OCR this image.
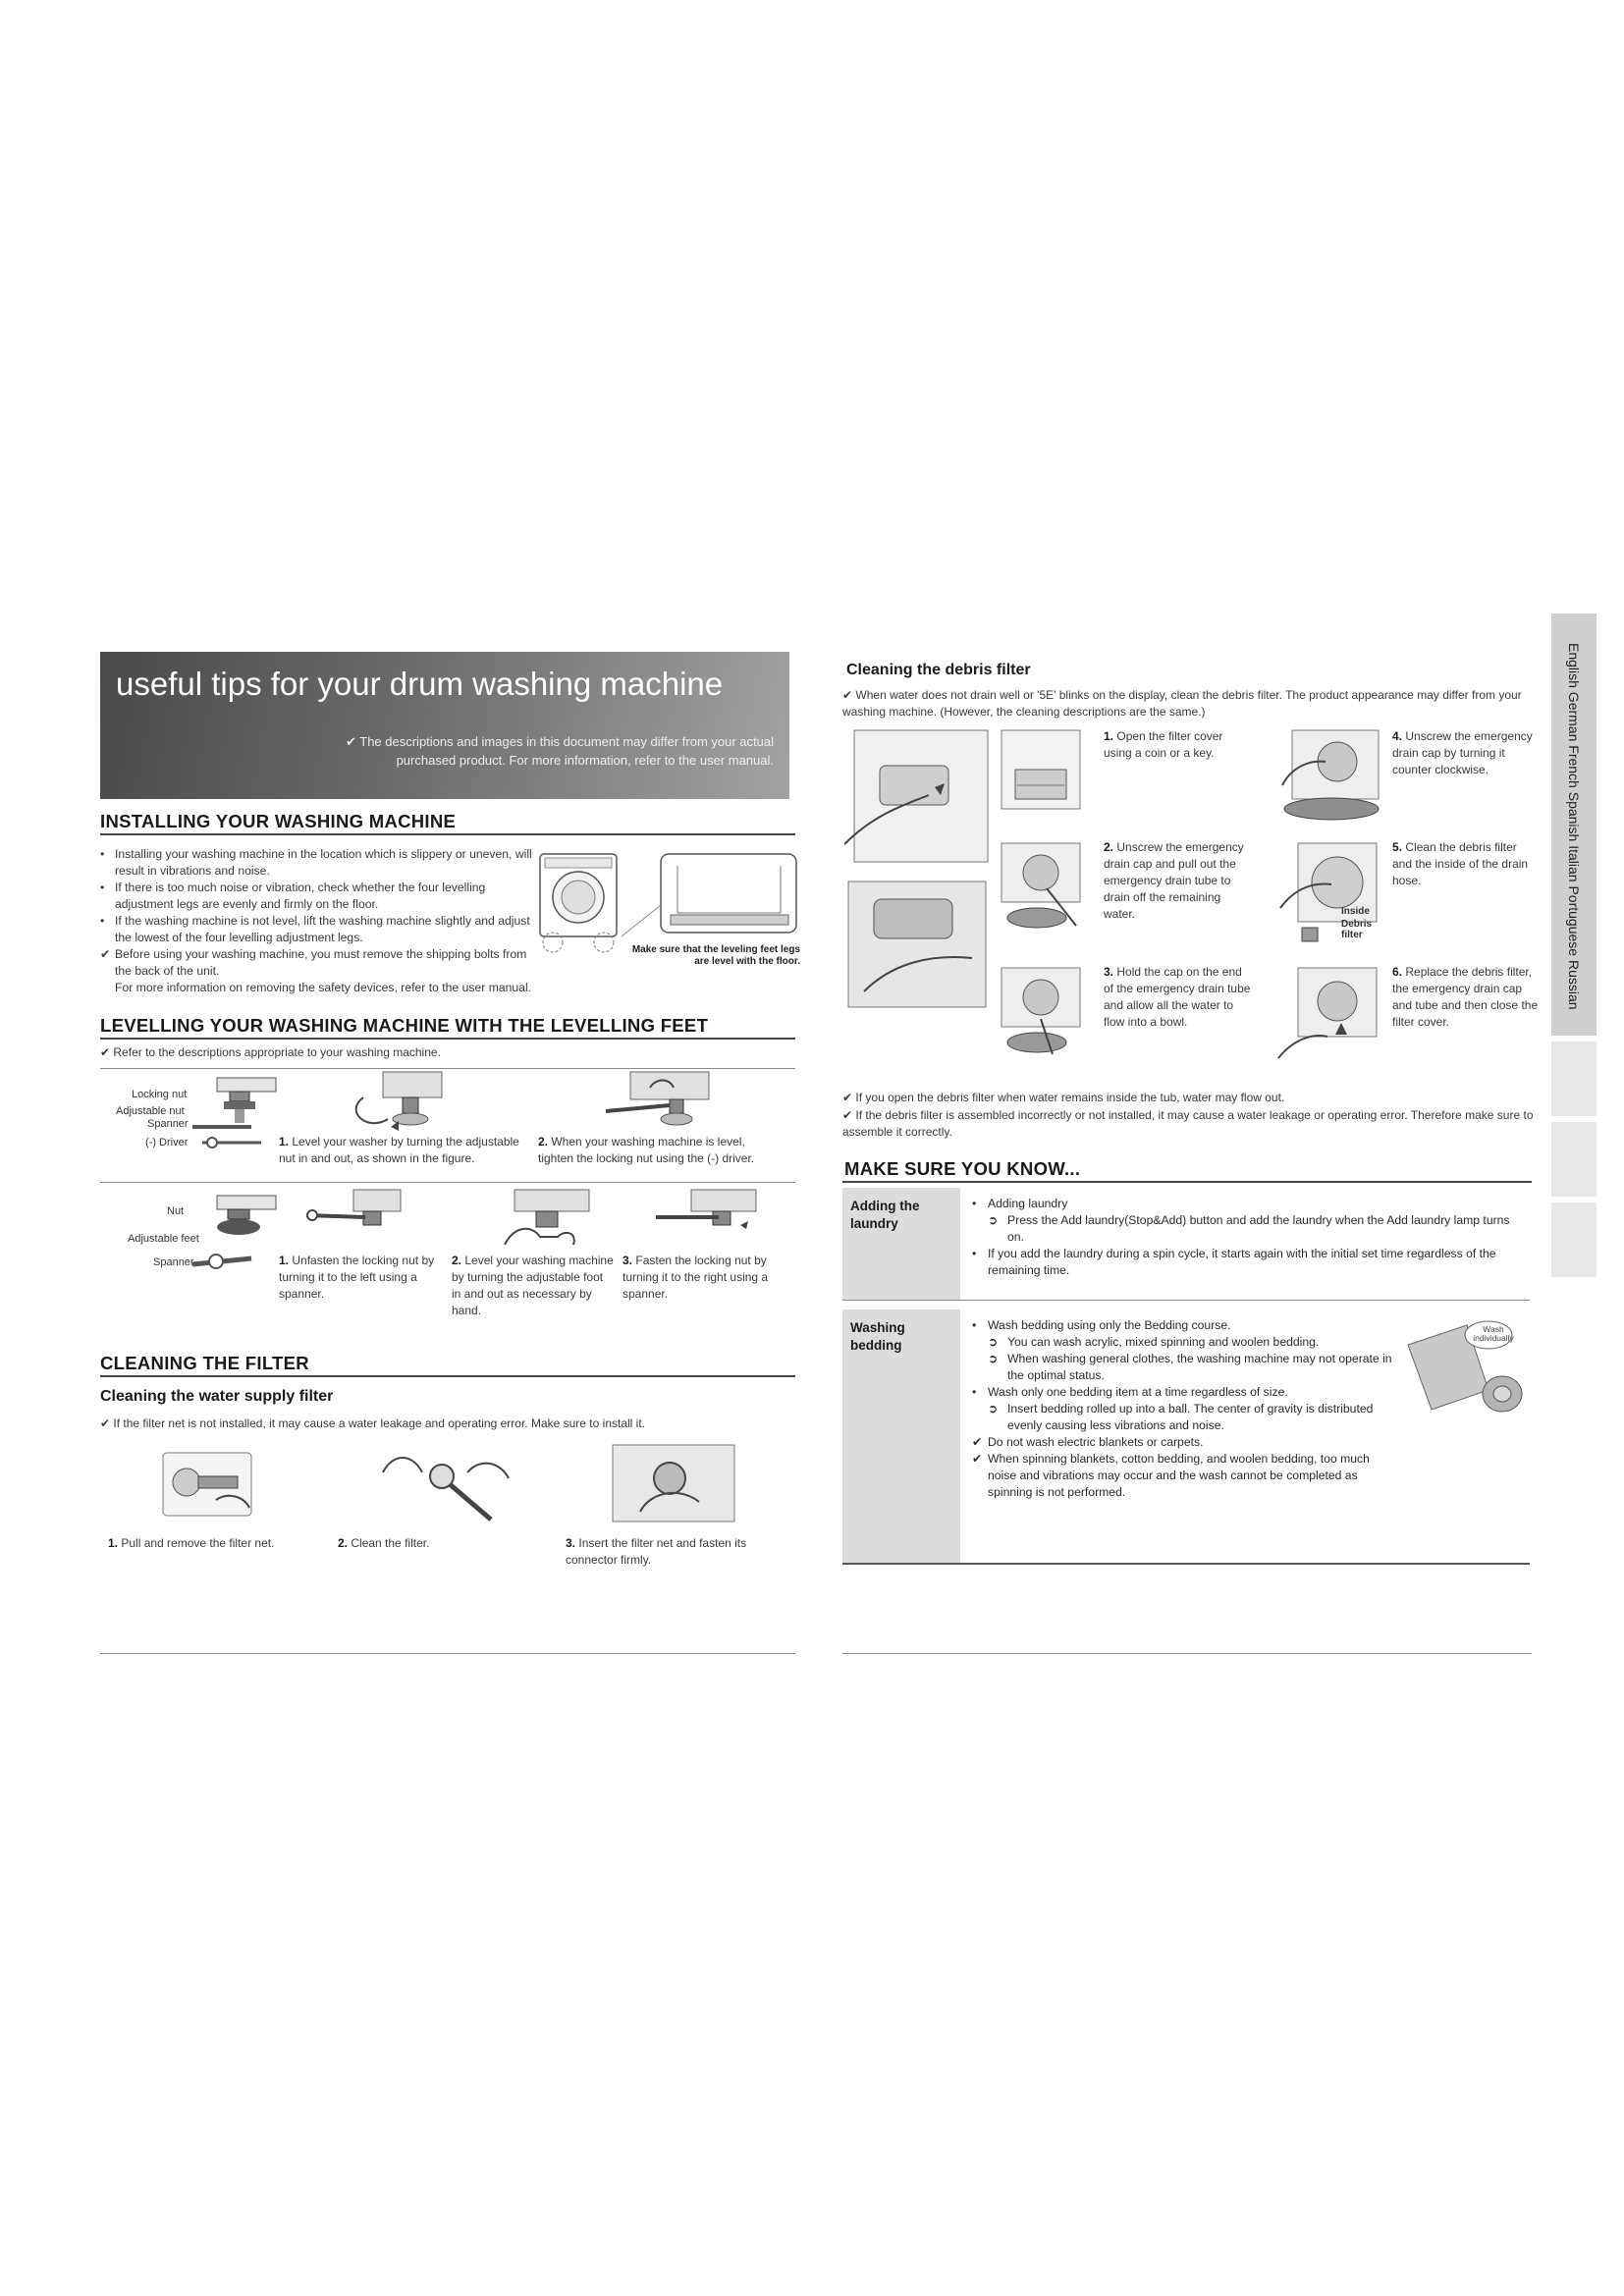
useful tips for your drum washing machine
✔ The descriptions and images in this document may differ from your actual purchased product. For more information, refer to the user manual.
INSTALLING YOUR WASHING MACHINE

• Installing your washing machine in the location which is slippery or uneven, will result in vibrations and noise.

• If there is too much noise or vibration, check whether the four levelling adjustment legs are evenly and firmly on the floor.

• If the washing machine is not level, lift the washing machine slightly and adjust the lowest of the four levelling adjustment legs.

✔ Before using your washing machine, you must remove the shipping bolts from the back of the unit.

For more information on removing the safety devices, refer to the user manual.

Make sure that the leveling feet legs are level with the floor.
LEVELLING YOUR WASHING MACHINE WITH THE LEVELLING FEET
✔ Refer to the descriptions appropriate to your washing machine.
Locking nut
Adjustable nut
Spanner
(-) Driver	1. Level your washer by turning the adjustable nut in and out, as shown in the figure.
2. When your washing machine is level, tighten the locking nut using the (-) driver.
Nut
Adjustable feet
Spanner	1. Unfasten the locking nut by turning it to the left using a spanner.
2. Level your washing machine by turning the adjustable foot in and out as necessary by hand.
3. Fasten the locking nut by turning it to the right using a spanner.
CLEANING THE FILTER
Cleaning the water supply filter
✔ If the filter net is not installed, it may cause a water leakage and operating error. Make sure to install it.
1. Pull and remove the filter net.	2. Clean the filter.	3. Insert the filter net and fasten its connector firmly.
Cleaning the debris filter
✔ When water does not drain well or '5E' blinks on the display, clean the debris filter. The product appearance may differ from your washing machine. (However, the cleaning descriptions are the same.)
1. Open the filter cover using a coin or a key.
2. Unscrew the emergency drain cap and pull out the emergency drain tube to drain off the remaining water.
3. Hold the cap on the end of the emergency drain tube and allow all the water to flow into a bowl.
Inside
Debris filter
4. Unscrew the emergency drain cap by turning it counter clockwise.
5. Clean the debris filter and the inside of the drain hose.
6. Replace the debris filter, the emergency drain cap and tube and then close the filter cover.
✔ If you open the debris filter when water remains inside the tub, water may flow out.
✔ If the debris filter is assembled incorrectly or not installed, it may cause a water leakage or operating error. Therefore make sure to assemble it correctly.
MAKE SURE YOU KNOW...
Adding the laundry

• Adding laundry

➲ Press the Add laundry(Stop&Add) button and add the laundry when the Add laundry lamp turns on.

• If you add the laundry during a spin cycle, it starts again with the initial set time regardless of the remaining time.

Washing bedding

• Wash bedding using only the Bedding course.

➲ You can wash acrylic, mixed spinning and woolen bedding.

➲ When washing general clothes, the washing machine may not operate in the optimal status.

• Wash only one bedding item at a time regardless of size.

➲ Insert bedding rolled up into a ball. The center of gravity is distributed evenly causing less vibrations and noise.

✔ Do not wash electric blankets or carpets.

✔ When spinning blankets, cotton bedding, and woolen bedding, too much noise and vibrations may occur and the wash cannot be completed as spinning is not performed.

Wash individually
English German French Spanish Italian Portuguese Russian
